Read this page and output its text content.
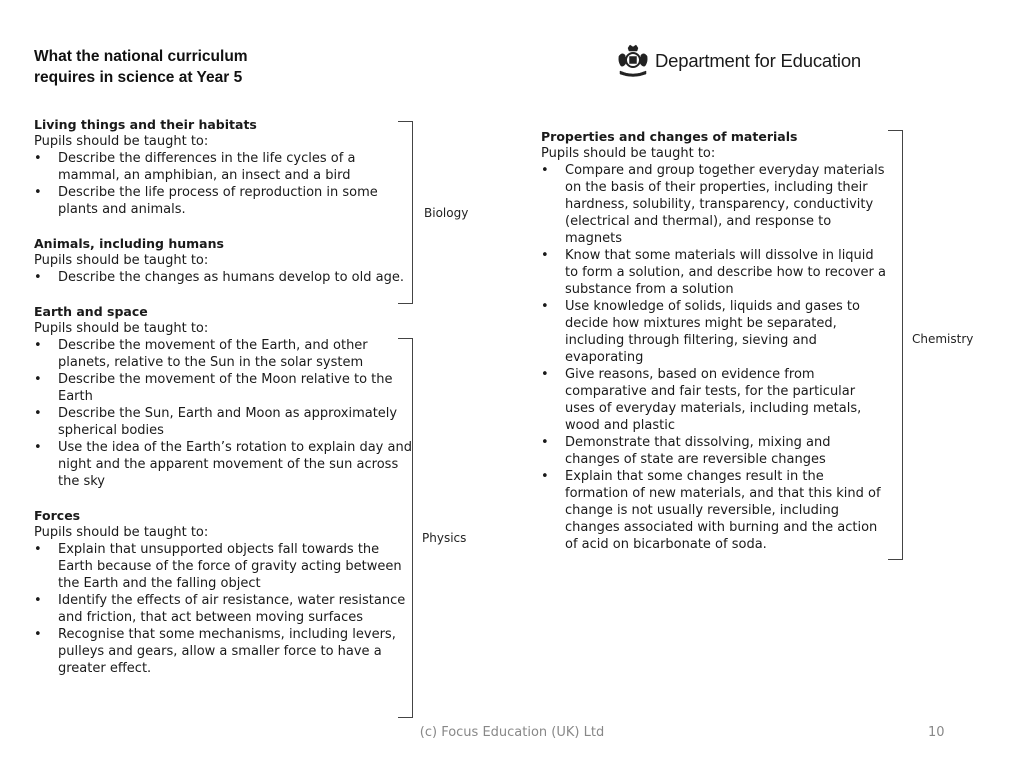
What the national curriculum
requires in science at Year 5
Department for Education
Living things and their habitats
Pupils should be taught to:
• Describe the differences in the life cycles of a mammal, an amphibian, an insect and a bird
• Describe the life process of reproduction in some plants and animals.
Animals, including humans
Pupils should be taught to:
• Describe the changes as humans develop to old age.
Earth and space
Pupils should be taught to:
• Describe the movement of the Earth, and other planets, relative to the Sun in the solar system
• Describe the movement of the Moon relative to the Earth
• Describe the Sun, Earth and Moon as approximately spherical bodies
• Use the idea of the Earth’s rotation to explain day and night and the apparent movement of the sun across the sky
Forces
Pupils should be taught to:
• Explain that unsupported objects fall towards the Earth because of the force of gravity acting between the Earth and the falling object
• Identify the effects of air resistance, water resistance and friction, that act between moving surfaces
• Recognise that some mechanisms, including levers, pulleys and gears, allow a smaller force to have a greater effect.
Properties and changes of materials
Pupils should be taught to:
• Compare and group together everyday materials on the basis of their properties, including their hardness, solubility, transparency, conductivity (electrical and thermal), and response to magnets
• Know that some materials will dissolve in liquid to form a solution, and describe how to recover a substance from a solution
• Use knowledge of solids, liquids and gases to decide how mixtures might be separated, including through filtering, sieving and evaporating
• Give reasons, based on evidence from comparative and fair tests, for the particular uses of everyday materials, including metals, wood and plastic
• Demonstrate that dissolving, mixing and changes of state are reversible changes
• Explain that some changes result in the formation of new materials, and that this kind of change is not usually reversible, including changes associated with burning and the action of acid on bicarbonate of soda.
Biology
Physics
Chemistry
(c) Focus Education (UK) Ltd	10
